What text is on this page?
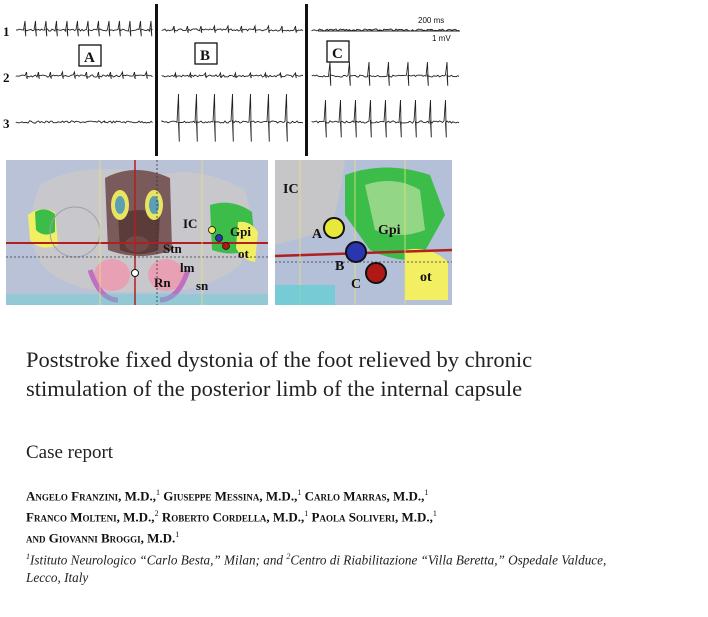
1
2
3
A	B	C
200 ms
1 mV
IC
Gpi
Stn	ot
lm
Rn sn
IC
Gpi
A
B
C	ot
Poststroke fixed dystonia of the foot relieved by chronic
stimulation of the posterior limb of the internal capsule
Case report
Angelo Franzini, M.D.,$^1$ Giuseppe Messina, M.D.,$^1$ Carlo Marras, M.D.,$^1$
Franco Molteni, M.D.,$^2$ Roberto Cordella, M.D.,$^1$ Paola Soliveri, M.D.,$^1$
and Giovanni Broggi, M.D.$^1$
$^1$Istituto Neurologico “Carlo Besta,” Milan; and $^2$Centro di Riabilitazione “Villa Beretta,” Ospedale Valduce,
Lecco, Italy
